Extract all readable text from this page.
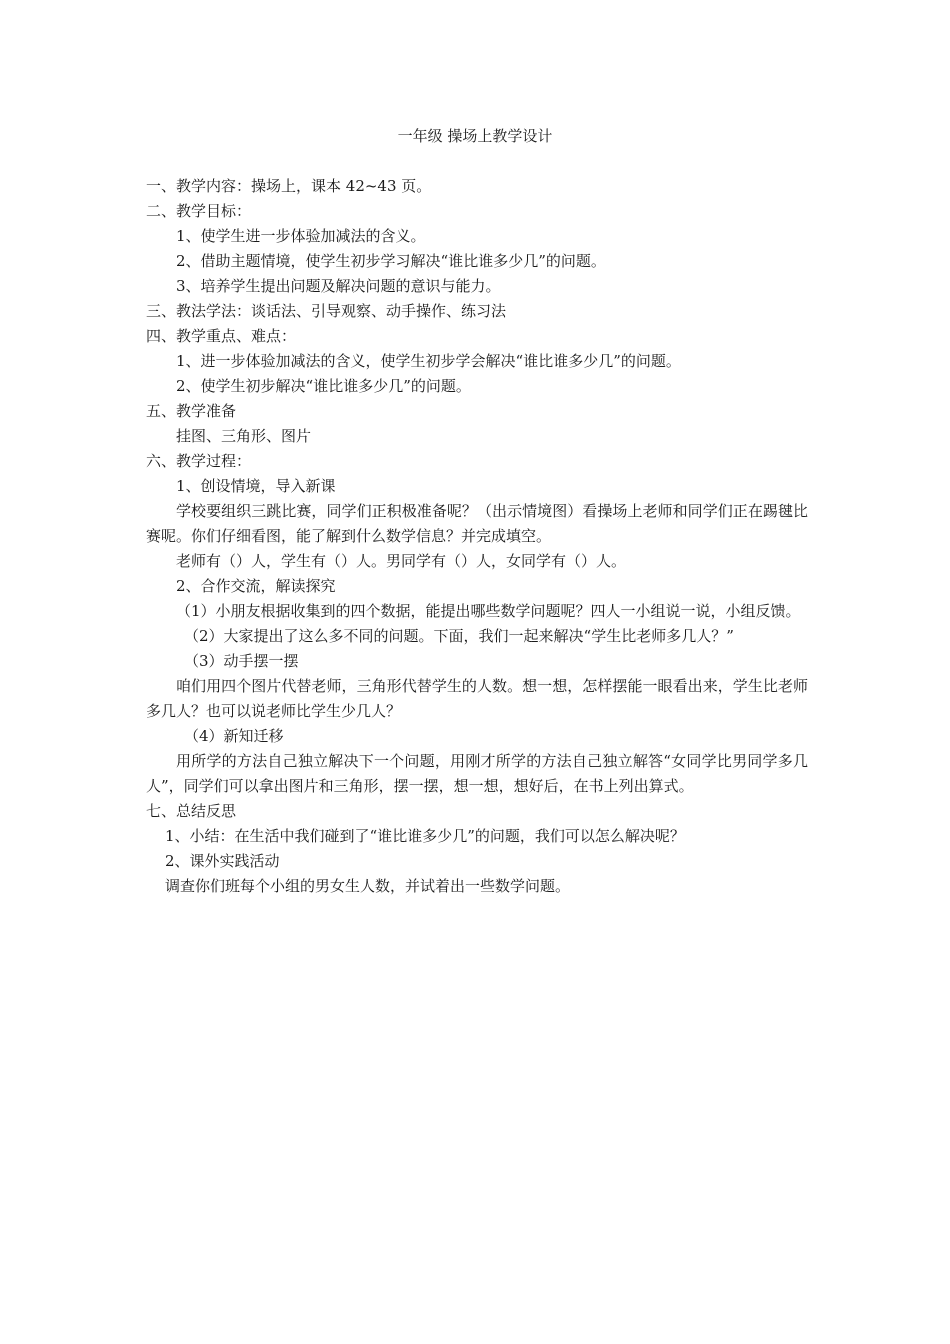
一年级 操场上教学设计
一、教学内容：操场上，课本 42~43 页。
二、教学目标：
1、使学生进一步体验加减法的含义。
2、借助主题情境，使学生初步学习解决“谁比谁多少几”的问题。
3、培养学生提出问题及解决问题的意识与能力。
三、教法学法：谈话法、引导观察、动手操作、练习法
四、教学重点、难点：
1、进一步体验加减法的含义，使学生初步学会解决“谁比谁多少几”的问题。
2、使学生初步解决“谁比谁多少几”的问题。
五、教学准备
挂图、三角形、图片
六、教学过程：
1、创设情境，导入新课

学校要组织三跳比赛，同学们正积极准备呢？（出示情境图）看操场上老师和同学们正在踢毽比赛呢。你们仔细看图，能了解到什么数学信息？并完成填空。

老师有（）人，学生有（）人。男同学有（）人，女同学有（）人。
2、合作交流，解读探究

（1）小朋友根据收集到的四个数据，能提出哪些数学问题呢？四人一小组说一说，小组反馈。

（2）大家提出了这么多不同的问题。下面，我们一起来解决“学生比老师多几人？”
（3）动手摆一摆

咱们用四个图片代替老师，三角形代替学生的人数。想一想，怎样摆能一眼看出来，学生比老师多几人？也可以说老师比学生少几人？

（4）新知迁移

用所学的方法自己独立解决下一个问题，用刚才所学的方法自己独立解答“女同学比男同学多几人”，同学们可以拿出图片和三角形，摆一摆，想一想，想好后，在书上列出算式。

七、总结反思
1、小结：在生活中我们碰到了“谁比谁多少几”的问题，我们可以怎么解决呢？
2、课外实践活动
调查你们班每个小组的男女生人数，并试着出一些数学问题。
